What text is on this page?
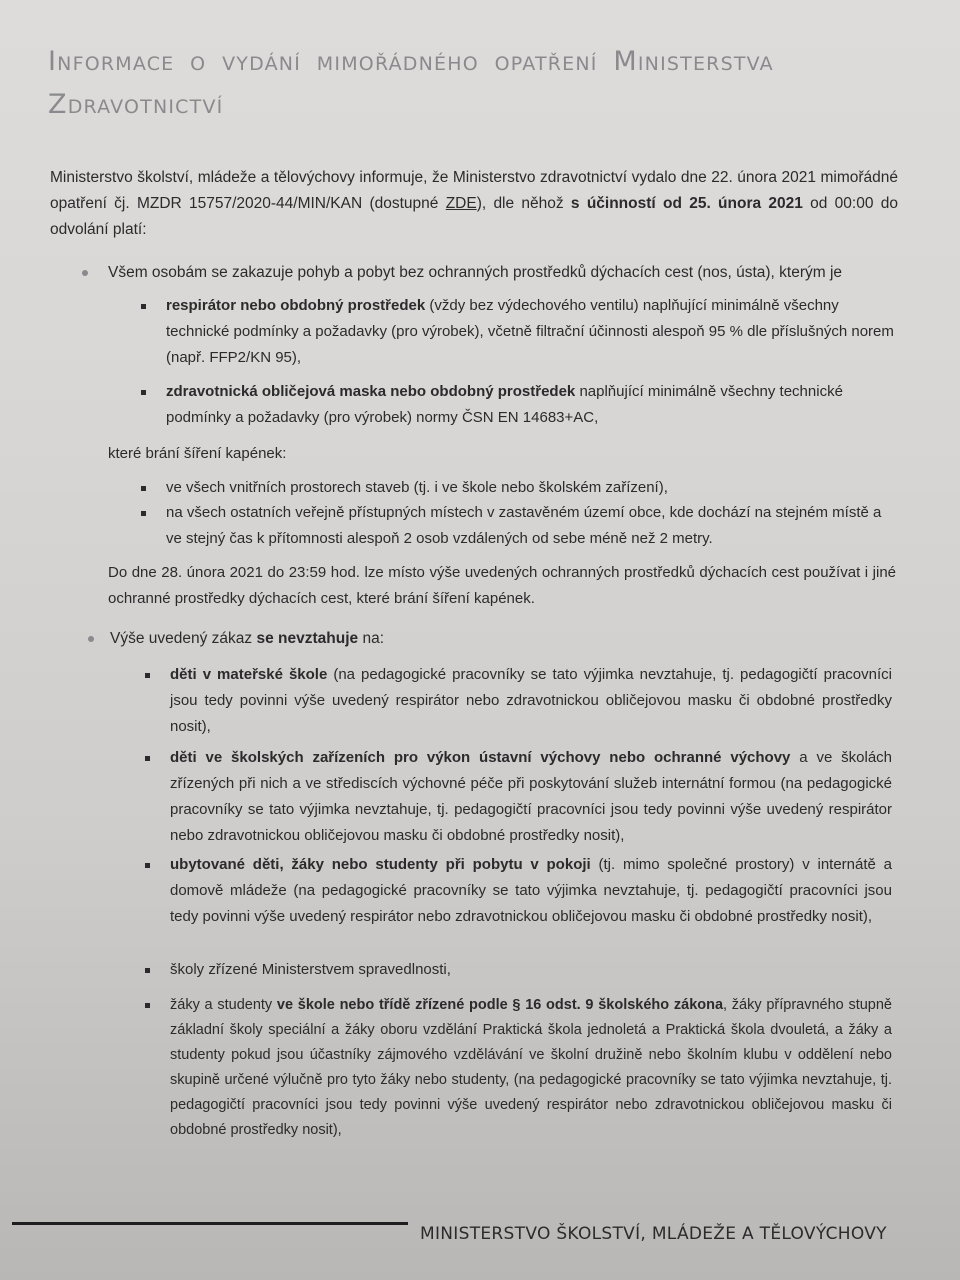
Informace o vydání mimořádného opatření Ministerstva Zdravotnictví

Ministerstvo školství, mládeže a tělovýchovy informuje, že Ministerstvo zdravotnictví vydalo dne 22. února 2021 mimořádné opatření čj. MZDR 15757/2020-44/MIN/KAN (dostupné ZDE), dle něhož s účinností od 25. února 2021 od 00:00 do odvolání platí:

Všem osobám se zakazuje pohyb a pobyt bez ochranných prostředků dýchacích cest (nos, ústa), kterým je

respirátor nebo obdobný prostředek (vždy bez výdechového ventilu) naplňující minimálně všechny technické podmínky a požadavky (pro výrobek), včetně filtrační účinnosti alespoň 95 % dle příslušných norem (např. FFP2/KN 95),

zdravotnická obličejová maska nebo obdobný prostředek naplňující minimálně všechny technické podmínky a požadavky (pro výrobek) normy ČSN EN 14683+AC,

které brání šíření kapének:

ve všech vnitřních prostorech staveb (tj. i ve škole nebo školském zařízení),

na všech ostatních veřejně přístupných místech v zastavěném území obce, kde dochází na stejném místě a ve stejný čas k přítomnosti alespoň 2 osob vzdálených od sebe méně než 2 metry.

Do dne 28. února 2021 do 23:59 hod. lze místo výše uvedených ochranných prostředků dýchacích cest používat i jiné ochranné prostředky dýchacích cest, které brání šíření kapének.

Výše uvedený zákaz se nevztahuje na:

děti v mateřské škole (na pedagogické pracovníky se tato výjimka nevztahuje, tj. pedagogičtí pracovníci jsou tedy povinni výše uvedený respirátor nebo zdravotnickou obličejovou masku či obdobné prostředky nosit),

děti ve školských zařízeních pro výkon ústavní výchovy nebo ochranné výchovy a ve školách zřízených při nich a ve střediscích výchovné péče při poskytování služeb internátní formou (na pedagogické pracovníky se tato výjimka nevztahuje, tj. pedagogičtí pracovníci jsou tedy povinni výše uvedený respirátor nebo zdravotnickou obličejovou masku či obdobné prostředky nosit),

ubytované děti, žáky nebo studenty při pobytu v pokoji (tj. mimo společné prostory) v internátě a domově mládeže (na pedagogické pracovníky se tato výjimka nevztahuje, tj. pedagogičtí pracovníci jsou tedy povinni výše uvedený respirátor nebo zdravotnickou obličejovou masku či obdobné prostředky nosit),

školy zřízené Ministerstvem spravedlnosti,

žáky a studenty ve škole nebo třídě zřízené podle § 16 odst. 9 školského zákona, žáky přípravného stupně základní školy speciální a žáky oboru vzdělání Praktická škola jednoletá a Praktická škola dvouletá, a žáky a studenty pokud jsou účastníky zájmového vzdělávání ve školní družině nebo školním klubu v oddělení nebo skupině určené výlučně pro tyto žáky nebo studenty, (na pedagogické pracovníky se tato výjimka nevztahuje, tj. pedagogičtí pracovníci jsou tedy povinni výše uvedený respirátor nebo zdravotnickou obličejovou masku či obdobné prostředky nosit),

MINISTERSTVO ŠKOLSTVÍ, MLÁDEŽE A TĚLOVÝCHOVY
